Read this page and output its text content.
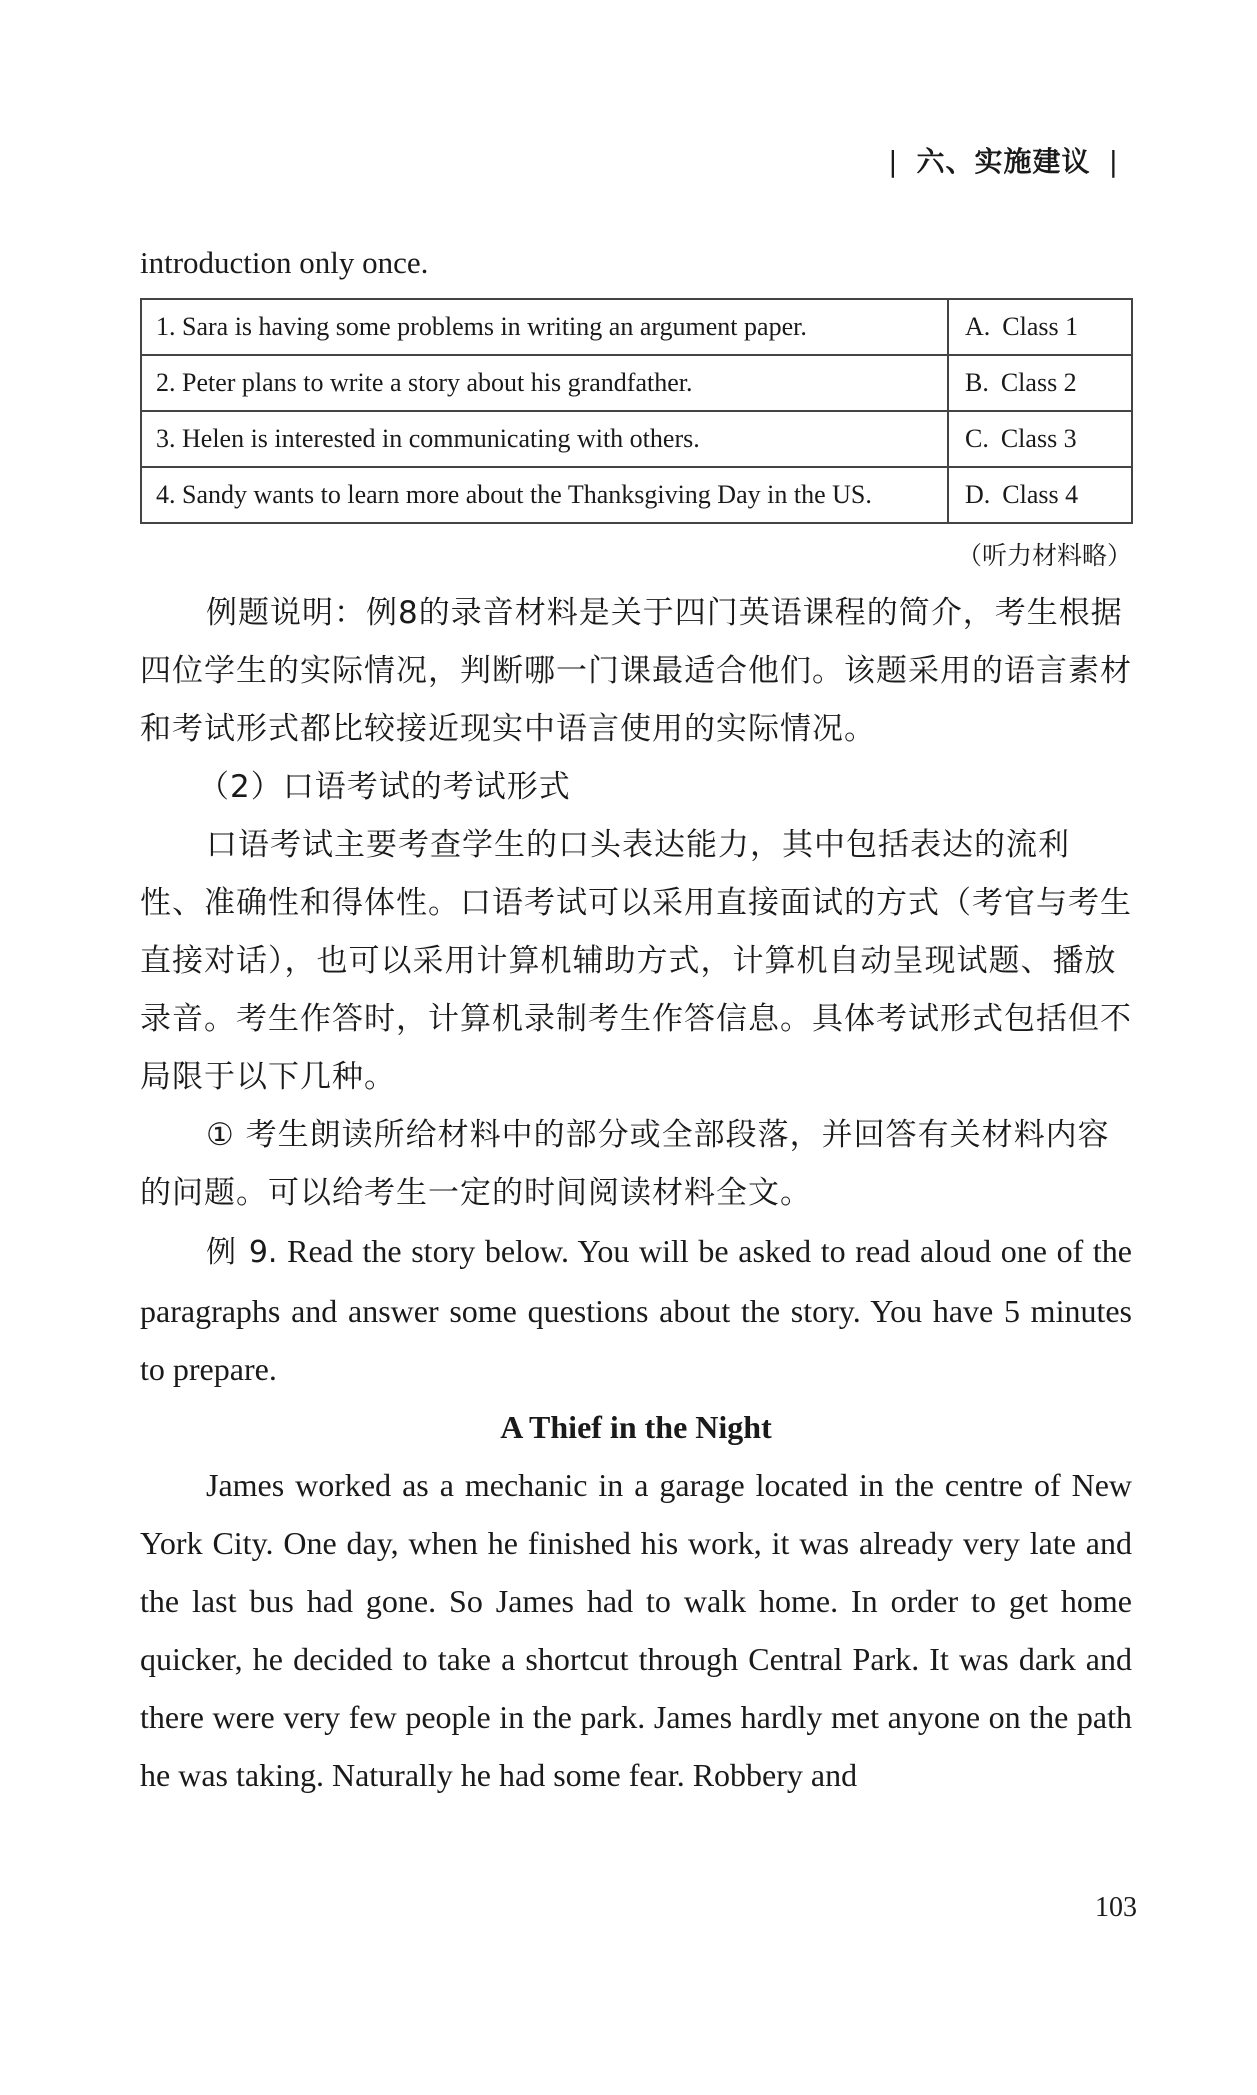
| 六、实施建议 |

introduction only once.

1. Sara is having some problems in writing an argument paper.	A. Class 1
2. Peter plans to write a story about his grandfather.	B. Class 2
3. Helen is interested in communicating with others.	C. Class 3
4. Sandy wants to learn more about the Thanksgiving Day in the US.	D. Class 4

（听力材料略）

例题说明：例8的录音材料是关于四门英语课程的简介，考生根据四位学生的实际情况，判断哪一门课最适合他们。该题采用的语言素材和考试形式都比较接近现实中语言使用的实际情况。

（2）口语考试的考试形式

口语考试主要考查学生的口头表达能力，其中包括表达的流利性、准确性和得体性。口语考试可以采用直接面试的方式（考官与考生直接对话），也可以采用计算机辅助方式，计算机自动呈现试题、播放录音。考生作答时，计算机录制考生作答信息。具体考试形式包括但不局限于以下几种。

① 考生朗读所给材料中的部分或全部段落，并回答有关材料内容的问题。可以给考生一定的时间阅读材料全文。

例 9. Read the story below. You will be asked to read aloud one of the paragraphs and answer some questions about the story. You have 5 minutes to prepare.

A Thief in the Night

James worked as a mechanic in a garage located in the centre of New York City. One day, when he finished his work, it was already very late and the last bus had gone. So James had to walk home. In order to get home quicker, he decided to take a shortcut through Central Park. It was dark and there were very few people in the park. James hardly met anyone on the path he was taking. Naturally he had some fear. Robbery and

103
